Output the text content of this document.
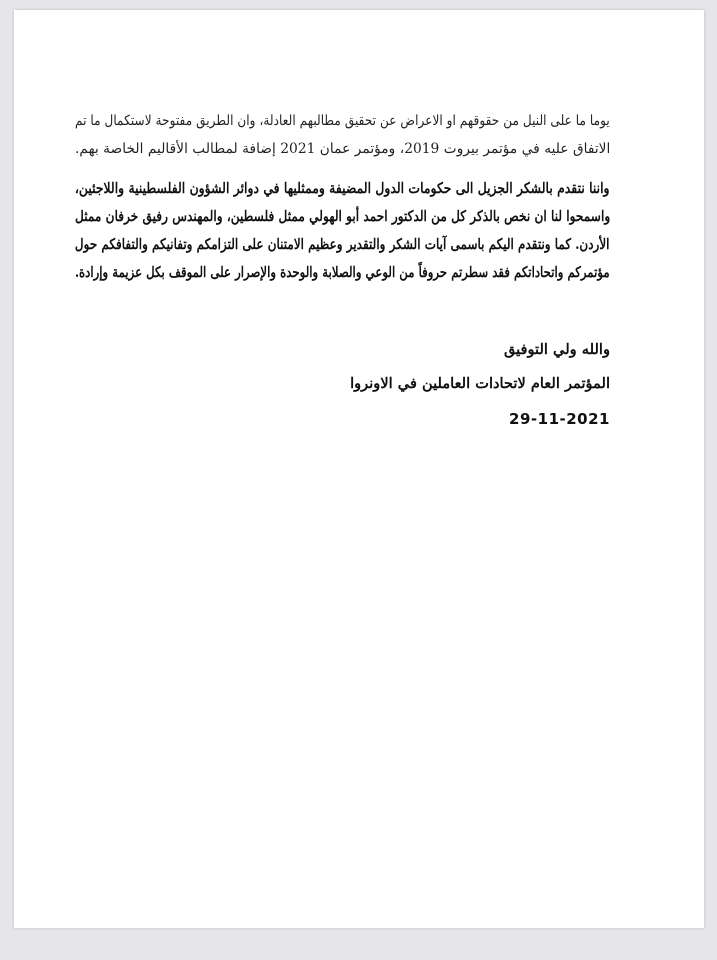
يوما ما على النيل من حقوقهم او الاعراض عن تحقيق مطالبهم العادلة، وان الطريق مفتوحة لاستكمال ما تم
الاتفاق عليه في مؤتمر بيروت 2019، ومؤتمر عمان 2021 إضافة لمطالب الأقاليم الخاصة بهم.
واننا نتقدم بالشكر الجزيل الى حكومات الدول المضيفة وممثليها في دوائر الشؤون الفلسطينية واللاجئين،
واسمحوا لنا ان نخص بالذكر كل من الدكتور احمد أبو الهولي ممثل فلسطين، والمهندس رفيق خرفان ممثل
الأردن. كما ونتقدم اليكم باسمى آيات الشكر والتقدير وعظيم الامتنان على التزامكم وتفانيكم والتفافكم حول
مؤتمركم واتحاداتكم فقد سطرتم حروفاً من الوعي والصلابة والوحدة والإصرار على الموقف بكل عزيمة وإرادة.
والله ولي التوفيق
المؤتمر العام لاتحادات العاملين في الاونروا
29-11-2021
